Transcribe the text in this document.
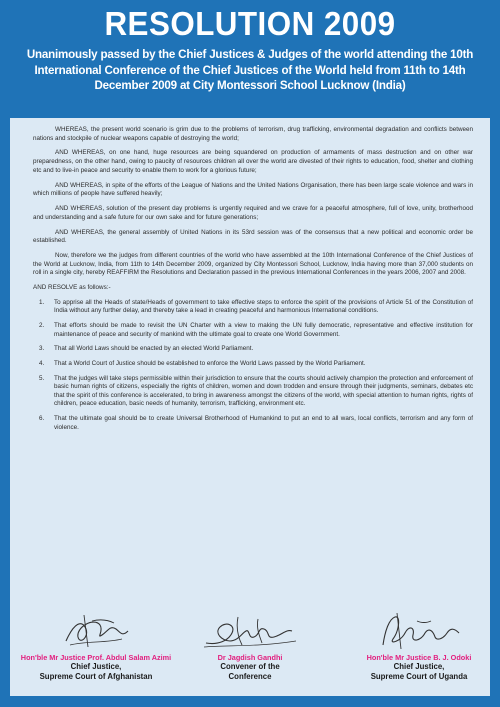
RESOLUTION 2009
Unanimously passed by the Chief Justices & Judges of the world attending the 10th International Conference of the Chief Justices of the World held from 11th to 14th December 2009 at City Montessori School Lucknow (India)

WHEREAS, the present world scenario is grim due to the problems of terrorism, drug trafficking, environmental degradation and conflicts between nations and stockpile of nuclear weapons capable of destroying the world;

AND WHEREAS, on one hand, huge resources are being squandered on production of armaments of mass destruction and on other war preparedness, on the other hand, owing to paucity of resources children all over the world are divested of their rights to education, food, shelter and clothing etc and to live-in peace and security to enable them to work for a glorious future;

AND WHEREAS, in spite of the efforts of the League of Nations and the United Nations Organisation, there has been large scale violence and wars in which millions of people have suffered heavily;

AND WHEREAS, solution of the present day problems is urgently required and we crave for a peaceful atmosphere, full of love, unity, brotherhood and understanding and a safe future for our own sake and for future generations;

AND WHEREAS, the general assembly of United Nations in its 53rd session was of the consensus that a new political and economic order be established.

Now, therefore we the judges from different countries of the world who have assembled at the 10th International Conference of the Chief Justices of the World at Lucknow, India, from 11th to 14th December 2009, organized by City Montessori School, Lucknow, India having more than 37,000 students on roll in a single city, hereby REAFFIRM the Resolutions and Declaration passed in the previous International Conferences in the years 2006, 2007 and 2008.

AND RESOLVE as follows:-

1. To apprise all the Heads of state/Heads of government to take effective steps to enforce the spirit of the provisions of Article 51 of the Constitution of India without any further delay, and thereby take a lead in creating peaceful and harmonious International conditions.
2. That efforts should be made to revisit the UN Charter with a view to making the UN fully democratic, representative and effective institution for maintenance of peace and security of mankind with the ultimate goal to create one World Government.
3. That all World Laws should be enacted by an elected World Parliament.
4. That a World Court of Justice should be established to enforce the World Laws passed by the World Parliament.
5. That the judges will take steps permissible within their jurisdiction to ensure that the courts should actively champion the protection and enforcement of basic human rights of citizens, especially the rights of children, women and down trodden and ensure through their judgments, seminars, debates etc that the spirit of this conference is accelerated, to bring in awareness amongst the citizens of the world, with special attention to human rights, rights of children, peace education, basic needs of humanity, terrorism, trafficking, environment etc.
6. That the ultimate goal should be to create Universal Brotherhood of Humankind to put an end to all wars, local conflicts, terrorism and any form of violence.
Hon'ble Mr Justice Prof. Abdul Salam Azimi
Chief Justice,
Supreme Court of Afghanistan
Dr Jagdish Gandhi
Convener of the
Conference
Hon'ble Mr Justice B. J. Odoki
Chief Justice,
Supreme Court of Uganda
